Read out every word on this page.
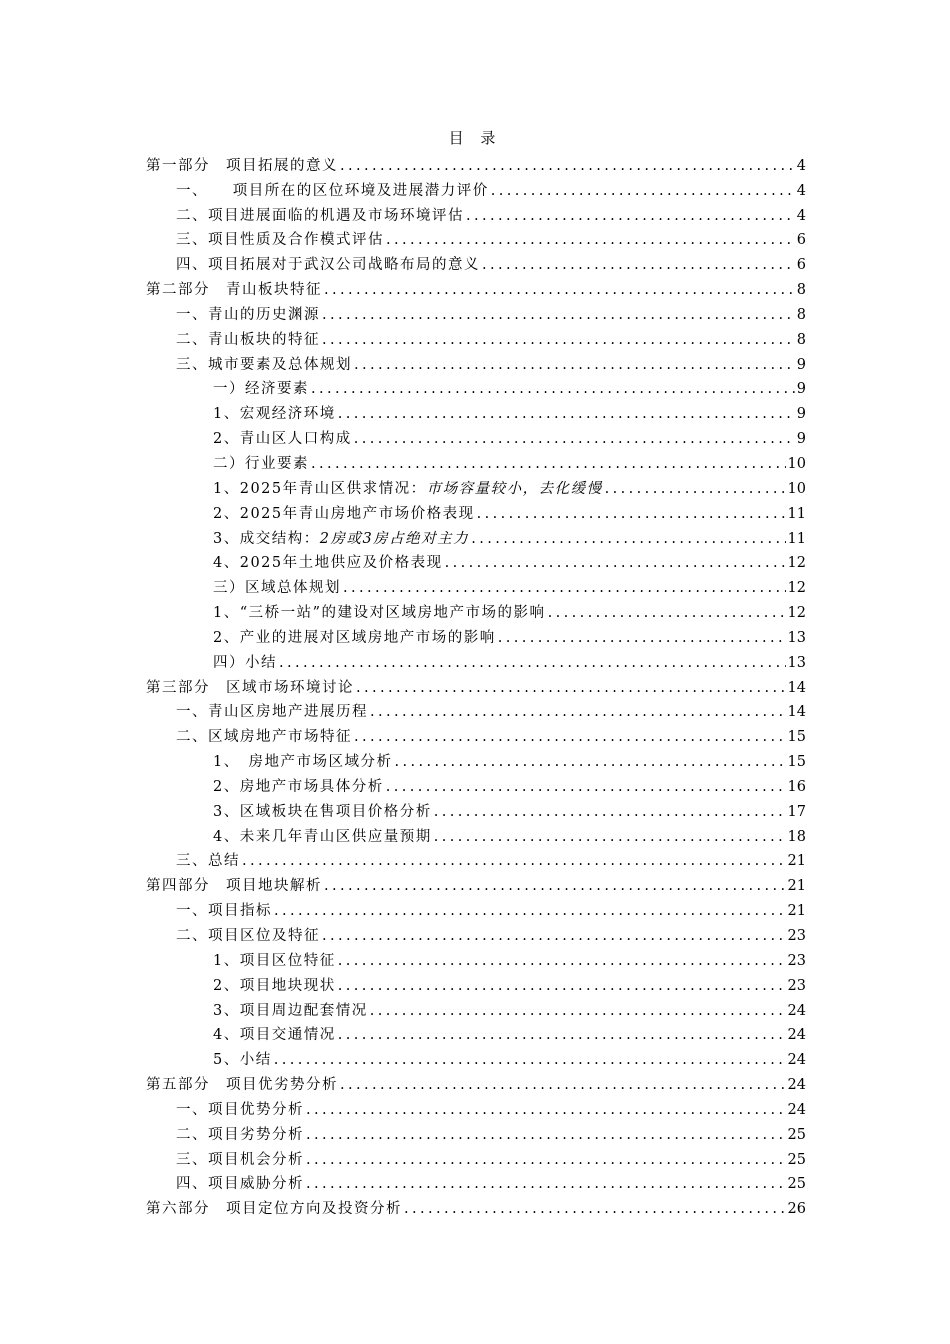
目 录
第一部分　项目拓展的意义 .....	4
一、　　项目所在的区位环境及进展潜力评价 .....	4
二、项目进展面临的机遇及市场环境评估 .....	4
三、项目性质及合作模式评估 .....	6
四、项目拓展对于武汉公司战略布局的意义 .....	6
第二部分　青山板块特征 .....	8
一、青山的历史渊源 .....	8
二、青山板块的特征 .....	8
三、城市要素及总体规划 .....	9
一）经济要素 .....	9
1、宏观经济环境 .....	9
2、青山区人口构成 .....	9
二）行业要素 .....	10
1、2025年青山区供求情况：市场容量较小，去化缓慢 .....	10
2、2025年青山房地产市场价格表现 .....	11
3、成交结构：2房或3房占绝对主力 .....	11
4、2025年土地供应及价格表现 .....	12
三）区域总体规划 .....	12
1、“三桥一站”的建设对区域房地产市场的影响 .....	12
2、产业的进展对区域房地产市场的影响 .....	13
四）小结 .....	13
第三部分　区域市场环境讨论 .....	14
一、青山区房地产进展历程 .....	14
二、区域房地产市场特征 .....	15
1、　房地产市场区域分析 .....	15
2、房地产市场具体分析 .....	16
3、区域板块在售项目价格分析 .....	17
4、未来几年青山区供应量预期 .....	18
三、总结 .....	21
第四部分　项目地块解析 .....	21
一、项目指标 .....	21
二、项目区位及特征 .....	23
1、项目区位特征 .....	23
2、项目地块现状 .....	23
3、项目周边配套情况 .....	24
4、项目交通情况 .....	24
5、小结 .....	24
第五部分　项目优劣势分析 .....	24
一、项目优势分析 .....	24
二、项目劣势分析 .....	25
三、项目机会分析 .....	25
四、项目威胁分析 .....	25
第六部分　项目定位方向及投资分析 .....	26
